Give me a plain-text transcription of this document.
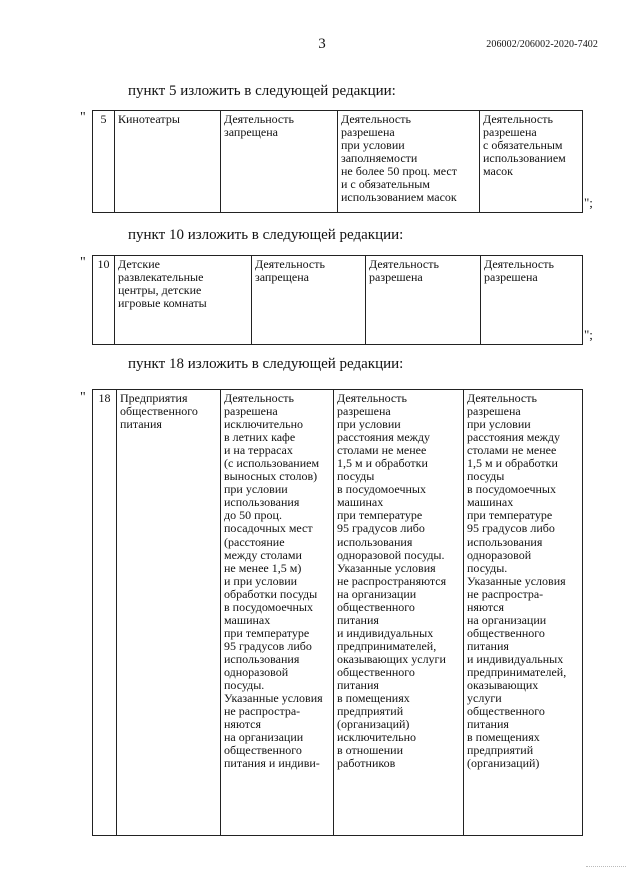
3	206002/206002-2020-7402
пункт 5 изложить в следующей редакции:
" 5	Кинотеатры	Деятельность
запрещена	Деятельность
разрешена
при условии
заполняемости
не более 50 проц. мест
и с обязательным
использованием масок	Деятельность
разрешена
с обязательным
использованием
масок
";
пункт 10 изложить в следующей редакции:
" 10	Детские
развлекательные
центры, детские
игровые комнаты	Деятельность
запрещена	Деятельность
разрешена	Деятельность
разрешена
";
пункт 18 изложить в следующей редакции:
" 18	Предприятия
общественного
питания	Деятельность
разрешена
исключительно
в летних кафе
и на террасах
(с использованием
выносных столов)
при условии
использования
до 50 проц.
посадочных мест
(расстояние
между столами
не менее 1,5 м)
и при условии
обработки посуды
в посудомоечных
машинах
при температуре
95 градусов либо
использования
одноразовой
посуды.
Указанные условия
не распростра-
няются
на организации
общественного
питания и индиви-	Деятельность
разрешена
при условии
расстояния между
столами не менее
1,5 м и обработки
посуды
в посудомоечных
машинах
при температуре
95 градусов либо
использования
одноразовой посуды.
Указанные условия
не распространяются
на организации
общественного
питания
и индивидуальных
предпринимателей,
оказывающих услуги
общественного
питания
в помещениях
предприятий
(организаций)
исключительно
в отношении
работников	Деятельность
разрешена
при условии
расстояния между
столами не менее
1,5 м и обработки
посуды
в посудомоечных
машинах
при температуре
95 градусов либо
использования
одноразовой
посуды.
Указанные условия
не распростра-
няются
на организации
общественного
питания
и индивидуальных
предпринимателей,
оказывающих
услуги
общественного
питания
в помещениях
предприятий
(организаций)
